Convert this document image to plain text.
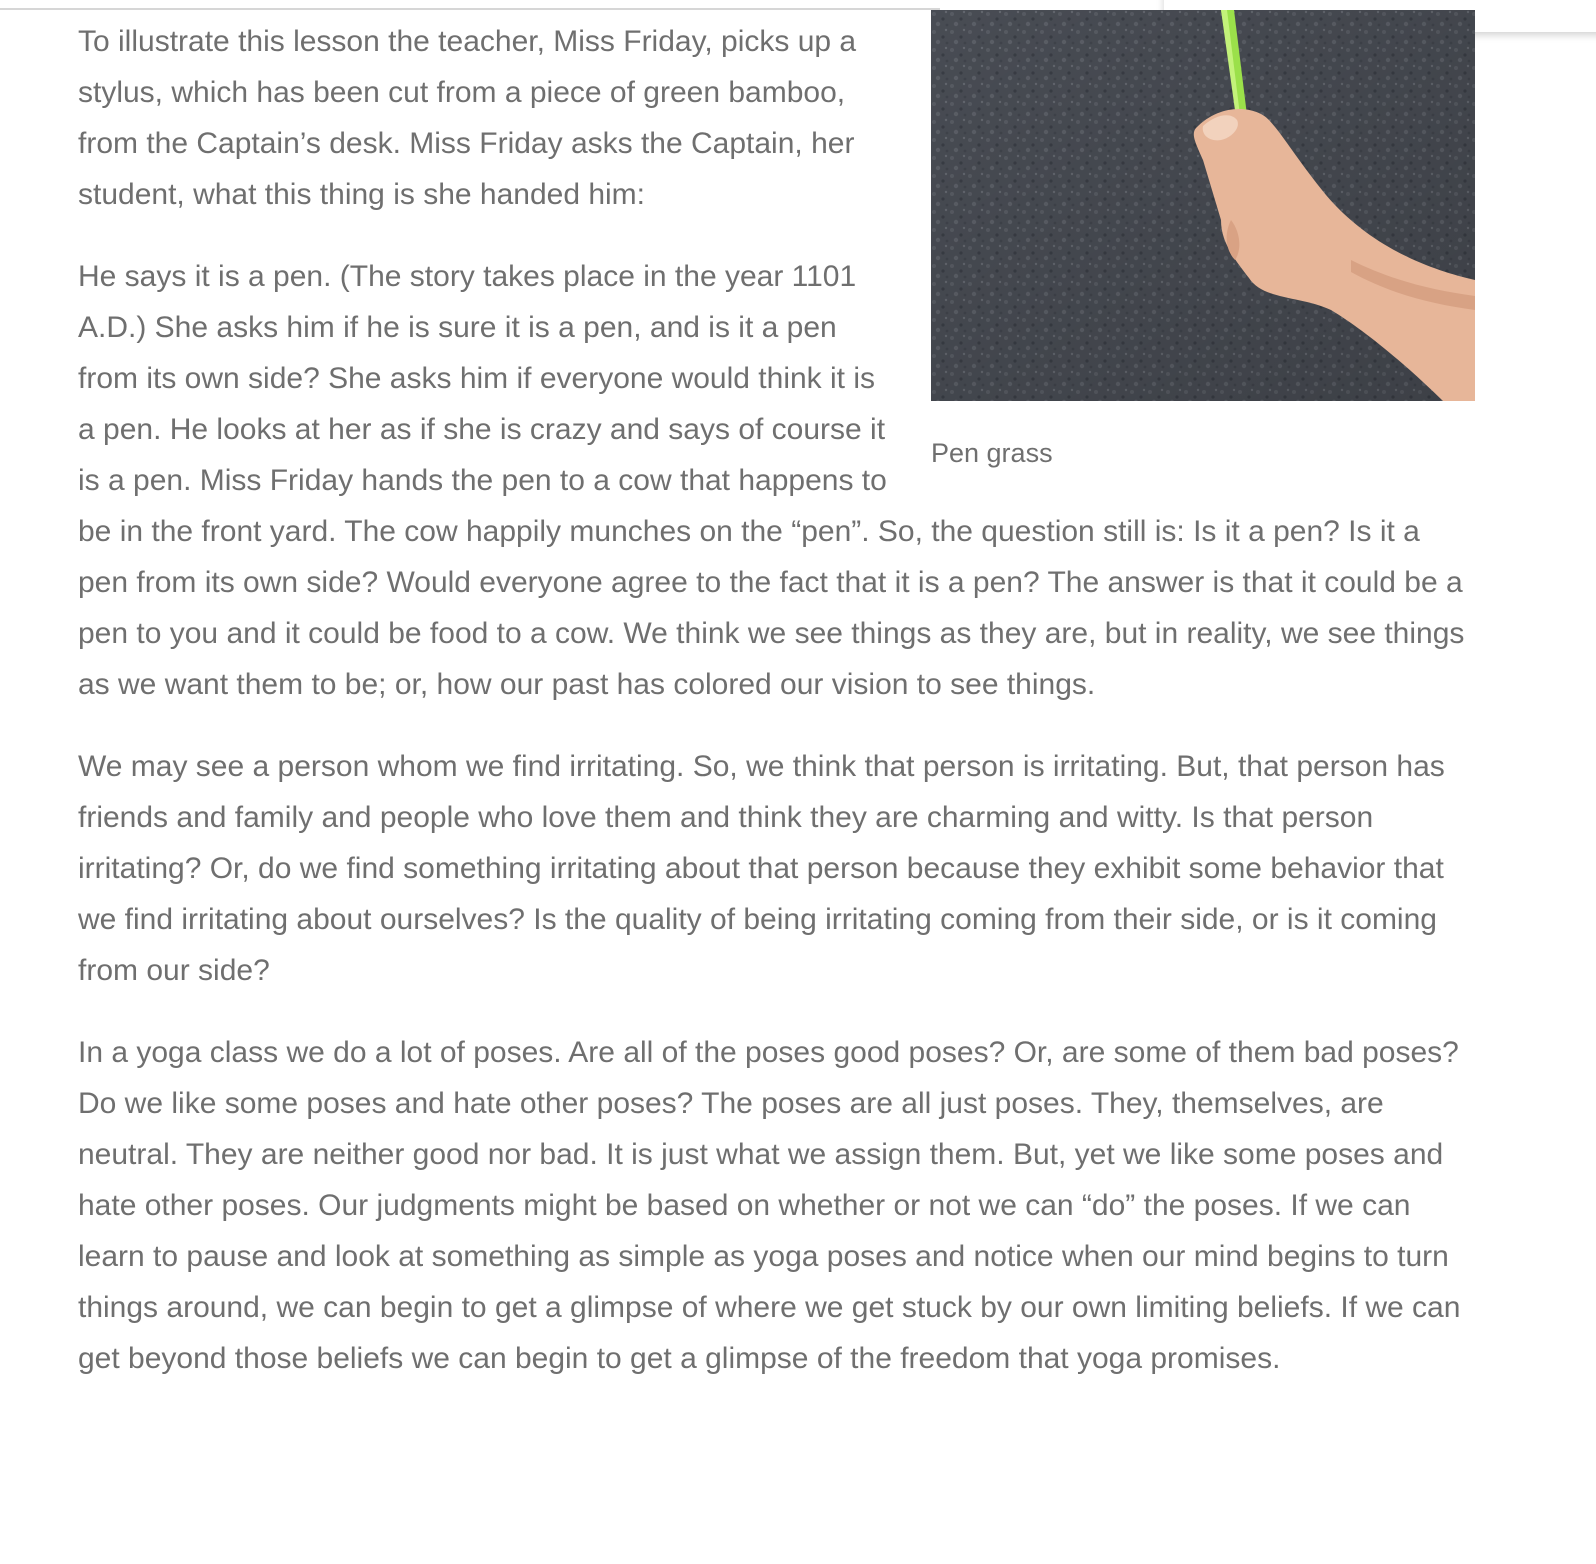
Pen grass

To illustrate this lesson the teacher, Miss Friday, picks up a stylus, which has been cut from a piece of green bamboo, from the Captain’s desk. Miss Friday asks the Captain, her student, what this thing is she handed him:

He says it is a pen. (The story takes place in the year 1101 A.D.) She asks him if he is sure it is a pen, and is it a pen from its own side? She asks him if everyone would think it is a pen. He looks at her as if she is crazy and says of course it is a pen. Miss Friday hands the pen to a cow that happens to be in the front yard. The cow happily munches on the “pen”. So, the question still is: Is it a pen? Is it a pen from its own side? Would everyone agree to the fact that it is a pen? The answer is that it could be a pen to you and it could be food to a cow. We think we see things as they are, but in reality, we see things as we want them to be; or, how our past has colored our vision to see things.

We may see a person whom we find irritating. So, we think that person is irritating. But, that person has friends and family and people who love them and think they are charming and witty. Is that person irritating? Or, do we find something irritating about that person because they exhibit some behavior that we find irritating about ourselves? Is the quality of being irritating coming from their side, or is it coming from our side?

In a yoga class we do a lot of poses. Are all of the poses good poses? Or, are some of them bad poses? Do we like some poses and hate other poses? The poses are all just poses. They, themselves, are neutral. They are neither good nor bad. It is just what we assign them. But, yet we like some poses and hate other poses. Our judgments might be based on whether or not we can “do” the poses. If we can learn to pause and look at something as simple as yoga poses and notice when our mind begins to turn things around, we can begin to get a glimpse of where we get stuck by our own limiting beliefs. If we can get beyond those beliefs we can begin to get a glimpse of the freedom that yoga promises.
